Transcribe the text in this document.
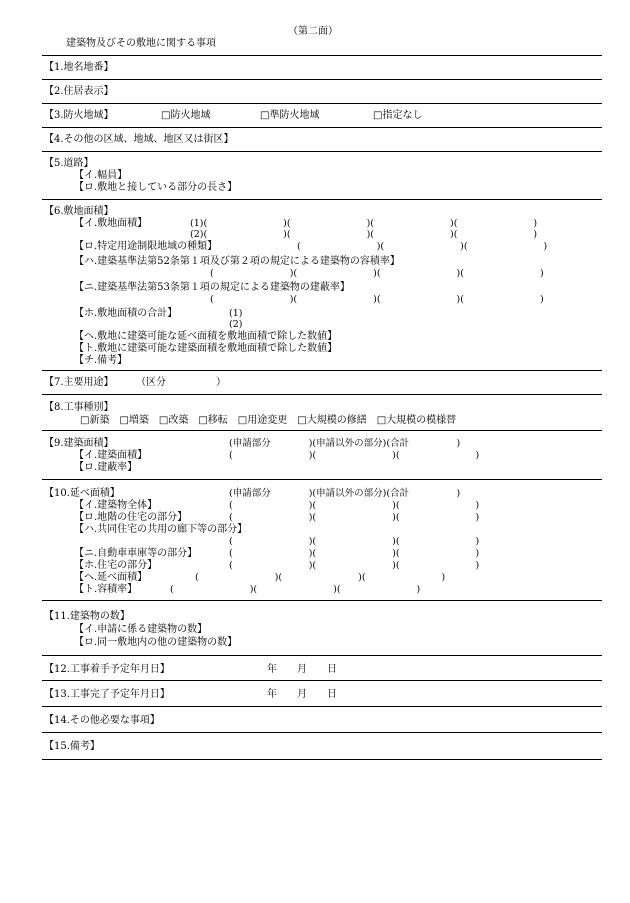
（第二面）
建築物及びその敷地に関する事項
【1.地名地番】
【2.住居表示】
【3.防火地域】	□防火地域	□準防火地域	□指定なし
【4.その他の区域、地域、地区又は街区】
【5.道路】
【イ.幅員】
【ロ.敷地と接している部分の長さ】
【6.敷地面積】
【イ.敷地面積】	(1)(　　　　　　　　)(　　　　　　　　)(　　　　　　　　)(　　　　　　　　)
(2)(　　　　　　　　)(　　　　　　　　)(　　　　　　　　)(　　　　　　　　)
【ロ.特定用途制限地域の種類】	(　　　　　　　　)(　　　　　　　　)(　　　　　　　　)
【ハ.建築基準法第52条第１項及び第２項の規定による建築物の容積率】
(　　　　　　　　)(　　　　　　　　)(　　　　　　　　)(　　　　　　　　)
【ニ.建築基準法第53条第１項の規定による建築物の建蔽率】
(　　　　　　　　)(　　　　　　　　)(　　　　　　　　)(　　　　　　　　)
【ホ.敷地面積の合計】	(1)
(2)
【ヘ.敷地に建築可能な延べ面積を敷地面積で除した数値】
【ト.敷地に建築可能な建築面積を敷地面積で除した数値】
【チ.備考】
【7.主要用途】 （区分　　　　　）
【8.工事種別】
□新築　□増築　□改築　□移転　□用途変更　□大規模の修繕　□大規模の模様替
【9.建築面積】	(申請部分　　　　)(申請以外の部分)(合計　　　　　)
【イ.建築面積】	(　　　　　　　　)(　　　　　　　　)(　　　　　　　　)
【ロ.建蔽率】
【10.延べ面積】	(申請部分　　　　)(申請以外の部分)(合計　　　　　)
【イ.建築物全体】	(　　　　　　　　)(　　　　　　　　)(　　　　　　　　)
【ロ.地階の住宅の部分】	(　　　　　　　　)(　　　　　　　　)(　　　　　　　　)
【ハ.共同住宅の共用の廊下等の部分】
(　　　　　　　　)(　　　　　　　　)(　　　　　　　　)
【ニ.自動車車庫等の部分】	(　　　　　　　　)(　　　　　　　　)(　　　　　　　　)
【ホ.住宅の部分】	(　　　　　　　　)(　　　　　　　　)(　　　　　　　　)
【ヘ.延べ面積】	(　　　　　　　　)(　　　　　　　　)(　　　　　　　　)
【ト.容積率】	(　　　　　　　　)(　　　　　　　　)(　　　　　　　　)
【11.建築物の数】
【イ.申請に係る建築物の数】
【ロ.同一敷地内の他の建築物の数】
【12.工事着手予定年月日】	年　　月　　日
【13.工事完了予定年月日】	年　　月　　日
【14.その他必要な事項】
【15.備考】
